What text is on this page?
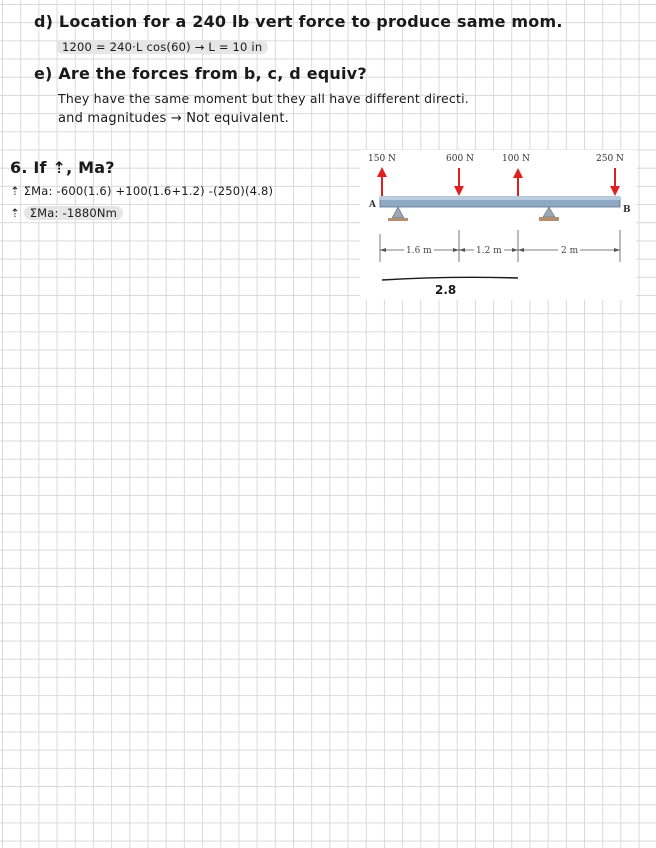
d) Location for a 240 lb vert force to produce same mom.
1200 = 240·L cos(60) → L = 10 in
e) Are the forces from b, c, d equiv?
They have the same moment but they all have different directi.
and magnitudes → Not equivalent.
6. If ⇡, Ma?
⇡ ΣMa: -600(1.6) +100(1.6+1.2) -(250)(4.8)
⇡ ΣMa: -1880Nm
150 N	600 N	100 N	250 N
A	B
1.6 m	1.2 m	2 m
2.8
